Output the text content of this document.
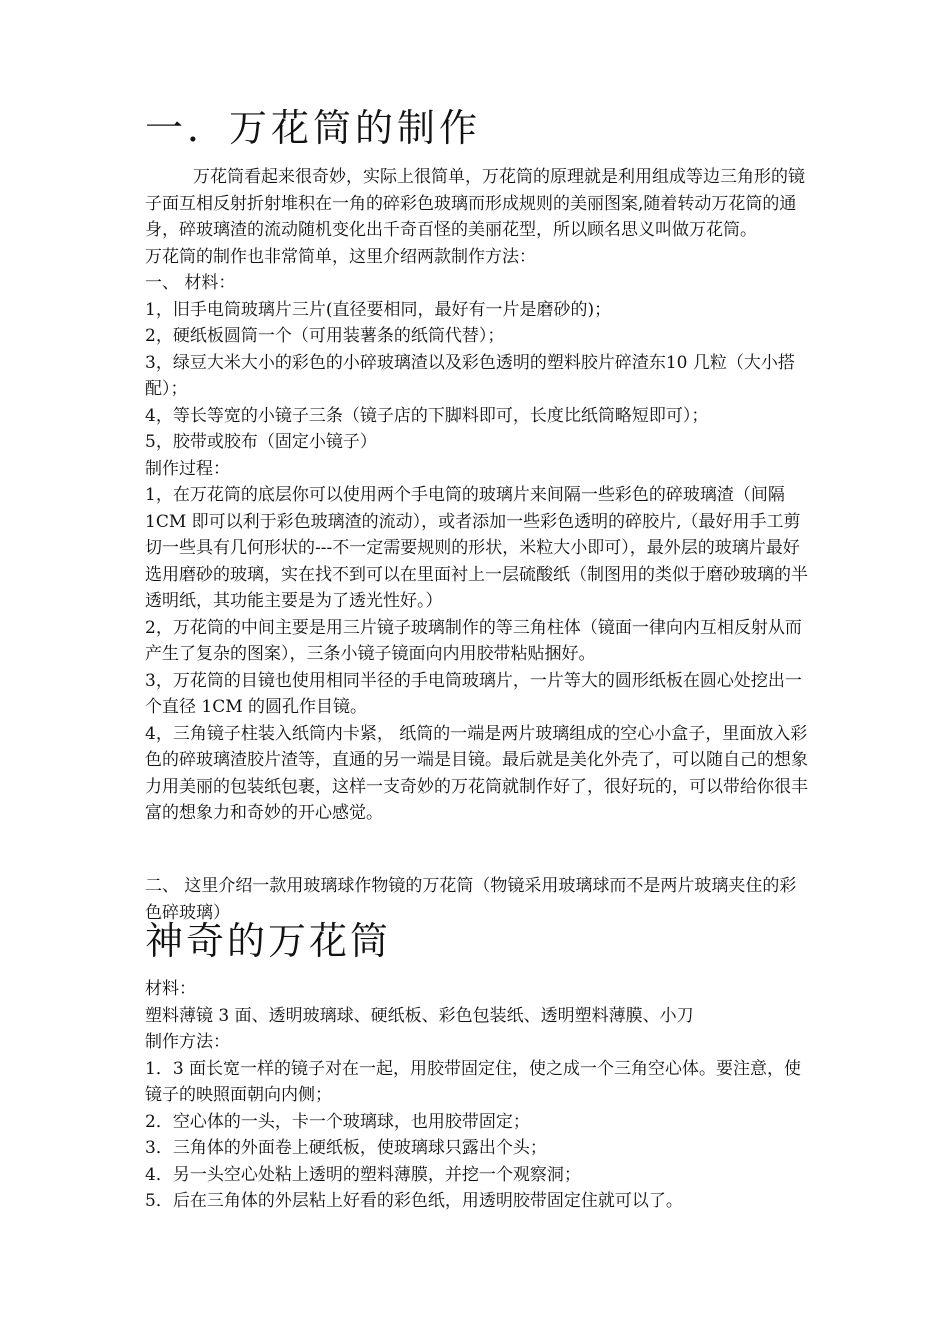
一．万花筒的制作

万花筒看起来很奇妙，实际上很简单，万花筒的原理就是利用组成等边三角形的镜子面互相反射折射堆积在一角的碎彩色玻璃而形成规则的美丽图案,随着转动万花筒的通身，碎玻璃渣的流动随机变化出千奇百怪的美丽花型，所以顾名思义叫做万花筒。

万花筒的制作也非常简单，这里介绍两款制作方法：

一、 材料：

1，旧手电筒玻璃片三片(直径要相同，最好有一片是磨砂的)；

2，硬纸板圆筒一个（可用装薯条的纸筒代替）；

3，绿豆大米大小的彩色的小碎玻璃渣以及彩色透明的塑料胶片碎渣东10 几粒（大小搭配）；

4，等长等宽的小镜子三条（镜子店的下脚料即可，长度比纸筒略短即可）；

5，胶带或胶布（固定小镜子）

制作过程：

1，在万花筒的底层你可以使用两个手电筒的玻璃片来间隔一些彩色的碎玻璃渣（间隔 1CM 即可以利于彩色玻璃渣的流动），或者添加一些彩色透明的碎胶片,（最好用手工剪切一些具有几何形状的---不一定需要规则的形状，米粒大小即可），最外层的玻璃片最好选用磨砂的玻璃，实在找不到可以在里面衬上一层硫酸纸（制图用的类似于磨砂玻璃的半透明纸，其功能主要是为了透光性好。）

2，万花筒的中间主要是用三片镜子玻璃制作的等三角柱体（镜面一律向内互相反射从而产生了复杂的图案），三条小镜子镜面向内用胶带粘贴捆好。

3，万花筒的目镜也使用相同半径的手电筒玻璃片，一片等大的圆形纸板在圆心处挖出一个直径 1CM 的圆孔作目镜。

4，三角镜子柱装入纸筒内卡紧， 纸筒的一端是两片玻璃组成的空心小盒子，里面放入彩色的碎玻璃渣胶片渣等，直通的另一端是目镜。最后就是美化外壳了，可以随自己的想象力用美丽的包装纸包裹，这样一支奇妙的万花筒就制作好了，很好玩的，可以带给你很丰富的想象力和奇妙的开心感觉。

二、 这里介绍一款用玻璃球作物镜的万花筒（物镜采用玻璃球而不是两片玻璃夹住的彩色碎玻璃）

神奇的万花筒

材料：

塑料薄镜 3 面、透明玻璃球、硬纸板、彩色包装纸、透明塑料薄膜、小刀

制作方法：

1．3 面长宽一样的镜子对在一起，用胶带固定住，使之成一个三角空心体。要注意，使镜子的映照面朝向内侧；

2．空心体的一头，卡一个玻璃球，也用胶带固定；

3．三角体的外面卷上硬纸板，使玻璃球只露出个头；

4．另一头空心处粘上透明的塑料薄膜，并挖一个观察洞；

5．后在三角体的外层粘上好看的彩色纸，用透明胶带固定住就可以了。
